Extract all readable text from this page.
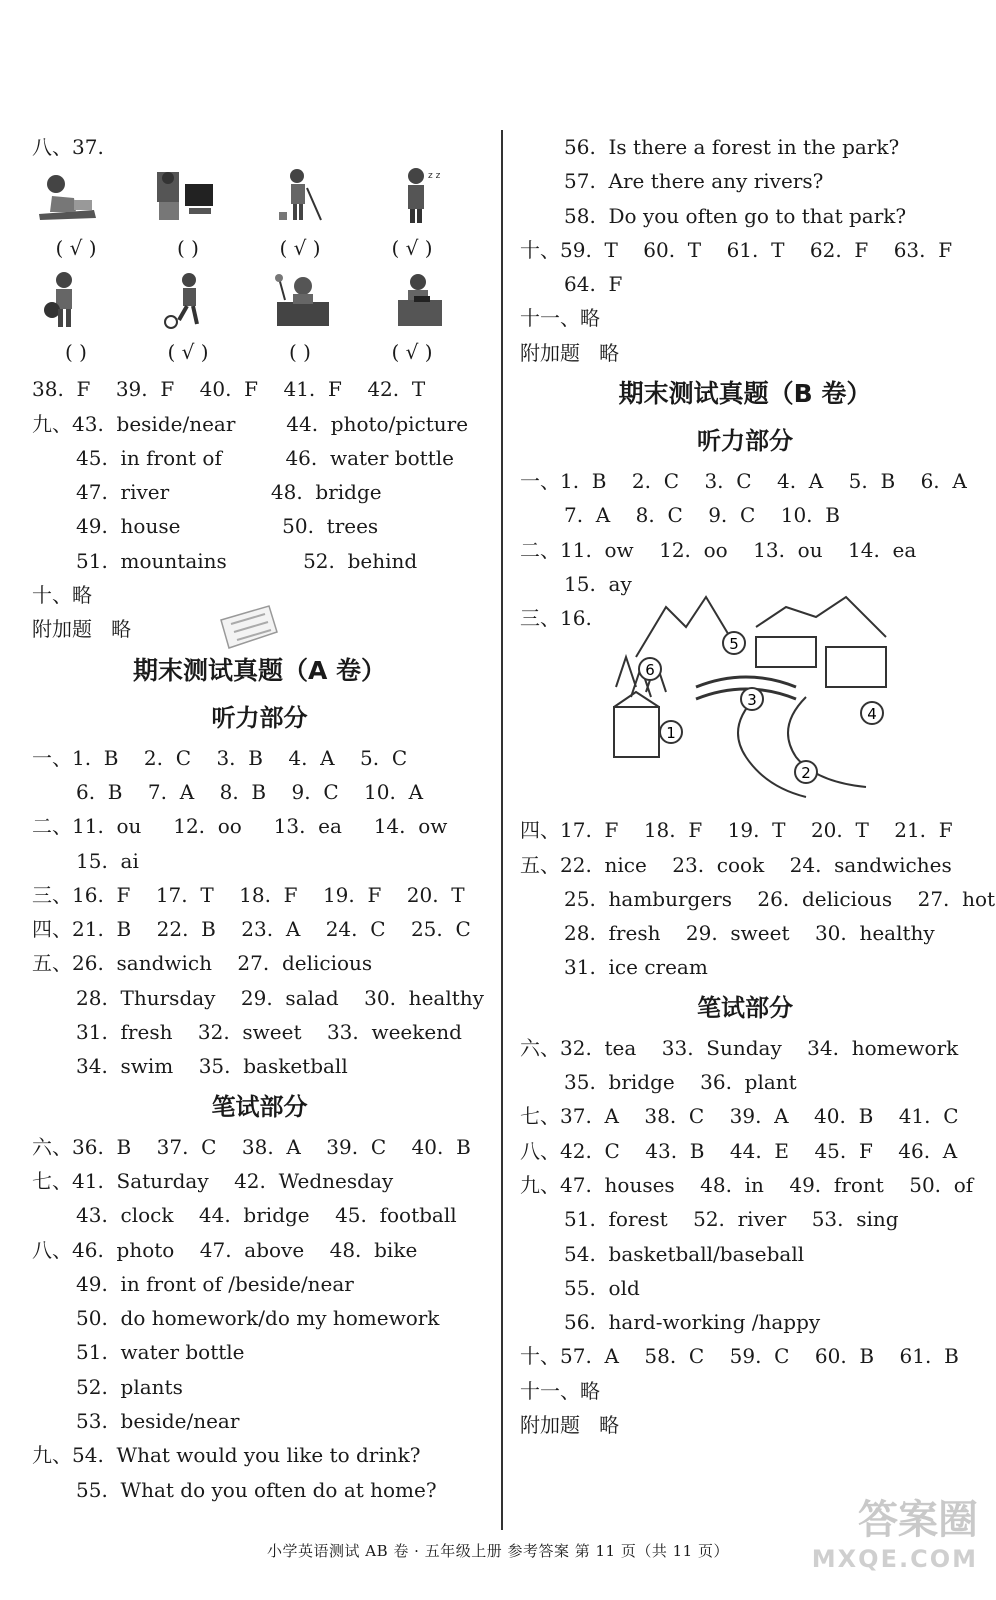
八、37.
z z
( √ )	( )	( √ )	( √ )
( )	( √ )	( )	( √ )
38.  F    39.  F    40.  F    41.  F    42.  T
九、43.  beside/near        44.  photo/picture
45.  in front of          46.  water bottle
47.  river                48.  bridge
49.  house                50.  trees
51.  mountains            52.  behind
十、略
附加题   略
期末测试真题（A 卷）
听力部分
一、1.  B    2.  C    3.  B    4.  A    5.  C
6.  B    7.  A    8.  B    9.  C    10.  A
二、11.  ou     12.  oo     13.  ea     14.  ow
15.  ai
三、16.  F    17.  T    18.  F    19.  F    20.  T
四、21.  B    22.  B    23.  A    24.  C    25.  C
五、26.  sandwich    27.  delicious
28.  Thursday    29.  salad    30.  healthy
31.  fresh    32.  sweet    33.  weekend
34.  swim    35.  basketball
笔试部分
六、36.  B    37.  C    38.  A    39.  C    40.  B
七、41.  Saturday    42.  Wednesday
43.  clock    44.  bridge    45.  football
八、46.  photo    47.  above    48.  bike
49.  in front of /beside/near
50.  do homework/do my homework
51.  water bottle
52.  plants
53.  beside/near
九、54.  What would you like to drink?
55.  What do you often do at home?
56.  Is there a forest in the park?
57.  Are there any rivers?
58.  Do you often go to that park?
十、59.  T    60.  T    61.  T    62.  F    63.  F
64.  F
十一、略
附加题   略
期末测试真题（B 卷）
听力部分
一、1.  B    2.  C    3.  C    4.  A    5.  B    6.  A
7.  A    8.  C    9.  C    10.  B
二、11.  ow    12.  oo    13.  ou    14.  ea
15.  ay
三、16.
1
2
3
4
5
6
四、17.  F    18.  F    19.  T    20.  T    21.  F
五、22.  nice    23.  cook    24.  sandwiches
25.  hamburgers    26.  delicious    27.  hot
28.  fresh    29.  sweet    30.  healthy
31.  ice cream
笔试部分
六、32.  tea    33.  Sunday    34.  homework
35.  bridge    36.  plant
七、37.  A    38.  C    39.  A    40.  B    41.  C
八、42.  C    43.  B    44.  E    45.  F    46.  A
九、47.  houses    48.  in    49.  front    50.  of
51.  forest    52.  river    53.  sing
54.  basketball/baseball
55.  old
56.  hard-working /happy
十、57.  A    58.  C    59.  C    60.  B    61.  B
十一、略
附加题   略
小学英语测试 AB 卷 · 五年级上册 参考答案 第 11 页（共 11 页）
答案圈
MXQE.COM
